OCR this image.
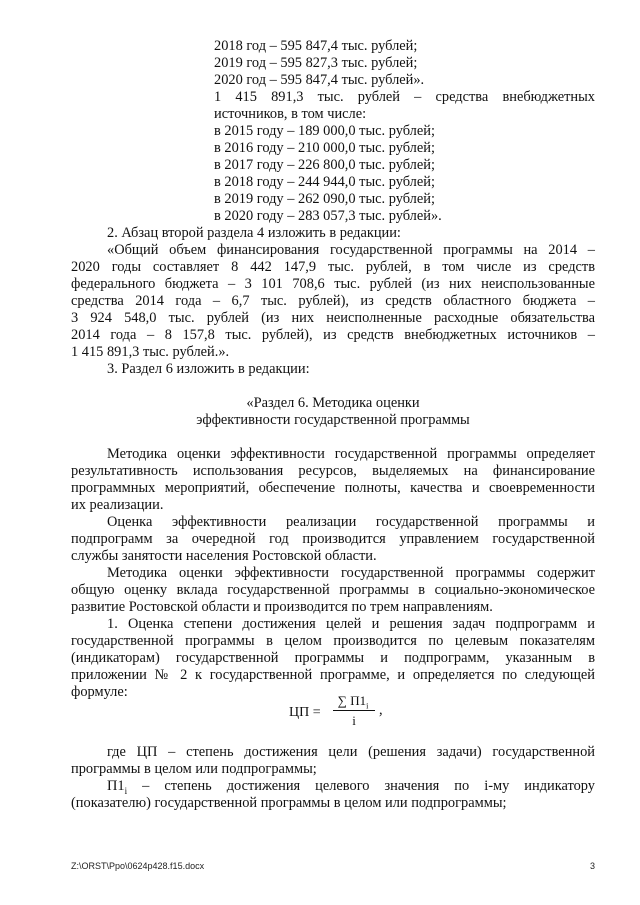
2018 год – 595 847,4 тыс. рублей;
2019 год – 595 827,3 тыс. рублей;
2020 год – 595 847,4 тыс. рублей».
1 415 891,3 тыс. рублей – средства внебюджетных
источников, в том числе:
в 2015 году – 189 000,0 тыс. рублей;
в 2016 году – 210 000,0 тыс. рублей;
в 2017 году – 226 800,0 тыс. рублей;
в 2018 году – 244 944,0 тыс. рублей;
в 2019 году – 262 090,0 тыс. рублей;
в 2020 году – 283 057,3 тыс. рублей».
2. Абзац второй раздела 4 изложить в редакции:
«Общий объем финансирования государственной программы на 2014 –
2020 годы составляет 8 442 147,9 тыс. рублей, в том числе из средств
федерального бюджета – 3 101 708,6 тыс. рублей (из них неиспользованные
средства 2014 года – 6,7 тыс. рублей), из средств областного бюджета –
3 924 548,0 тыс. рублей (из них неисполненные расходные обязательства
2014 года – 8 157,8 тыс. рублей), из средств внебюджетных источников –
1 415 891,3 тыс. рублей.».
3. Раздел 6 изложить в редакции:
«Раздел 6. Методика оценки
эффективности государственной программы
Методика оценки эффективности государственной программы определяет
результативность использования ресурсов, выделяемых на финансирование
программных мероприятий, обеспечение полноты, качества и своевременности
их реализации.
Оценка эффективности реализации государственной программы и
подпрограмм за очередной год производится управлением государственной
службы занятости населения Ростовской области.
Методика оценки эффективности государственной программы содержит
общую оценку вклада государственной программы в социально-экономическое
развитие Ростовской области и производится по трем направлениям.
1. Оценка степени достижения целей и решения задач подпрограмм и
государственной программы в целом производится по целевым показателям
(индикаторам) государственной программы и подпрограмм, указанным в
приложении № 2 к государственной программе, и определяется по следующей
формуле:
ЦП =
∑ $П1_i$
i
,
где ЦП – степень достижения цели (решения задачи) государственной
программы в целом или подпрограммы;
$П1_i$ – степень достижения целевого значения по i-му индикатору
(показателю) государственной программы в целом или подпрограммы;
Z:\ORST\Ppo\0624p428.f15.docx	3
